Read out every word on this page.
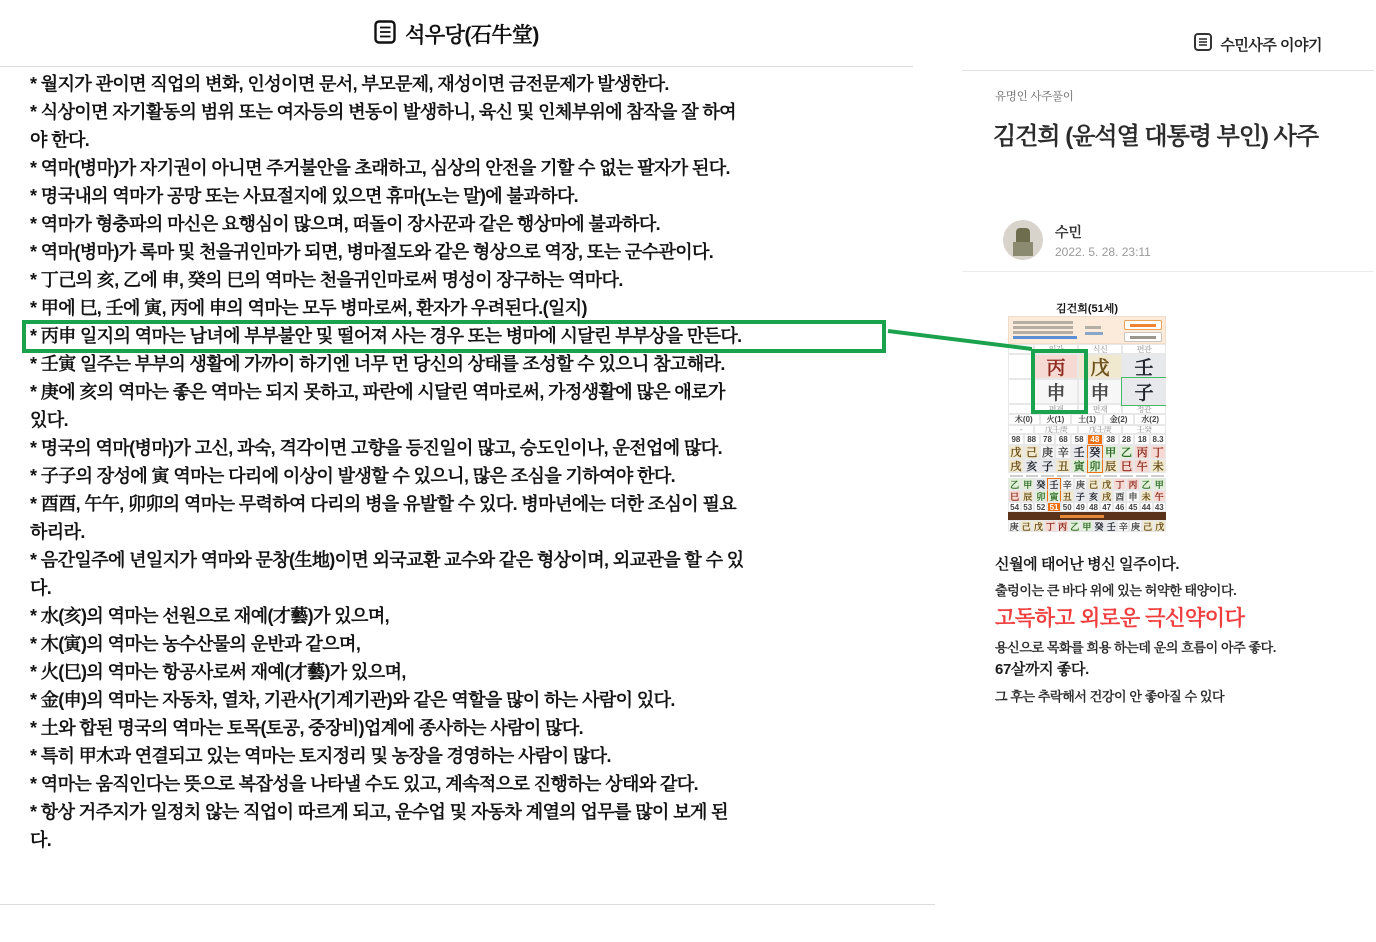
석우당(石牛堂)
* 월지가 관이면 직업의 변화, 인성이면 문서, 부모문제, 재성이면 금전문제가 발생한다.
* 식상이면 자기활동의 범위 또는 여자등의 변동이 발생하니, 육신 및 인체부위에 참작을 잘 하여
야 한다.
* 역마(병마)가 자기권이 아니면 주거불안을 초래하고, 심상의 안전을 기할 수 없는 팔자가 된다.
* 명국내의 역마가 공망 또는 사묘절지에 있으면 휴마(노는 말)에 불과하다.
* 역마가 형충파의 마신은 요행심이 많으며, 떠돌이 장사꾼과 같은 행상마에 불과하다.
* 역마(병마)가 록마 및 천을귀인마가 되면, 병마절도와 같은 형상으로 역장, 또는 군수관이다.
* 丁己의 亥, 乙에 申, 癸의 巳의 역마는 천을귀인마로써 명성이 장구하는 역마다.
* 甲에 巳, 壬에 寅, 丙에 申의 역마는 모두 병마로써, 환자가 우려된다.(일지)
* 丙申 일지의 역마는 남녀에 부부불안 및 떨어져 사는 경우 또는 병마에 시달린 부부상을 만든다.
* 壬寅 일주는 부부의 생활에 가까이 하기엔 너무 먼 당신의 상태를 조성할 수 있으니 참고해라.
* 庚에 亥의 역마는 좋은 역마는 되지 못하고, 파란에 시달린 역마로써, 가정생활에 많은 애로가
있다.
* 명국의 역마(병마)가 고신, 과숙, 격각이면 고향을 등진일이 많고, 승도인이나, 운전업에 많다.
* 子子의 장성에 寅 역마는 다리에 이상이 발생할 수 있으니, 많은 조심을 기하여야 한다.
* 酉酉, 午午, 卯卯의 역마는 무력하여 다리의 병을 유발할 수 있다. 병마년에는 더한 조심이 필요
하리라.
* 음간일주에 년일지가 역마와 문창(生地)이면 외국교환 교수와 같은 형상이며, 외교관을 할 수 있
다.
* 水(亥)의 역마는 선원으로 재예(才藝)가 있으며,
* 木(寅)의 역마는 농수산물의 운반과 같으며,
* 火(巳)의 역마는 항공사로써 재예(才藝)가 있으며,
* 金(申)의 역마는 자동차, 열차, 기관사(기계기관)와 같은 역할을 많이 하는 사람이 있다.
* 土와 합된 명국의 역마는 토목(토공, 중장비)업계에 종사하는 사람이 많다.
* 특히 甲木과 연결되고 있는 역마는 토지정리 및 농장을 경영하는 사람이 많다.
* 역마는 움직인다는 뜻으로 복잡성을 나타낼 수도 있고, 계속적으로 진행하는 상태와 같다.
* 항상 거주지가 일정치 않는 직업이 따르게 되고, 운수업 및 자동차 계열의 업무를 많이 보게 된
다.
수민사주 이야기
유명인 사주풀이
김건희 (윤석열 대통령 부인) 사주
수민
2022. 5. 28. 23:11
김건희(51세)
일간	식신	편관
丙	戊	壬
申	申	子
편재	편재	정관
木(0)	火(1)	土(1)	金(2)	水(2)
-	戊壬庚	戊壬庚	壬癸
98 88 78 68 58 48 38 28 18 8.3
戊 己 庚 辛 壬 癸 甲 乙 丙 丁
戌 亥 子 丑 寅 卯 辰 巳 午 未
乙 甲 癸 壬 辛 庚 己 戊 丁 丙 乙 甲
巳 辰 卯 寅 丑 子 亥 戌 酉 申 未 午
54 53 52 51 50 49 48 47 46 45 44 43
庚 己 戊 丁 丙 乙 甲 癸 壬 辛 庚 己 戊
신월에 태어난 병신 일주이다.
출렁이는 큰 바다 위에 있는 허약한 태양이다.
고독하고 외로운 극신약이다
용신으로 목화를 희용 하는데 운의 흐름이 아주 좋다.
67살까지 좋다.
그 후는 추락해서 건강이 안 좋아질 수 있다
